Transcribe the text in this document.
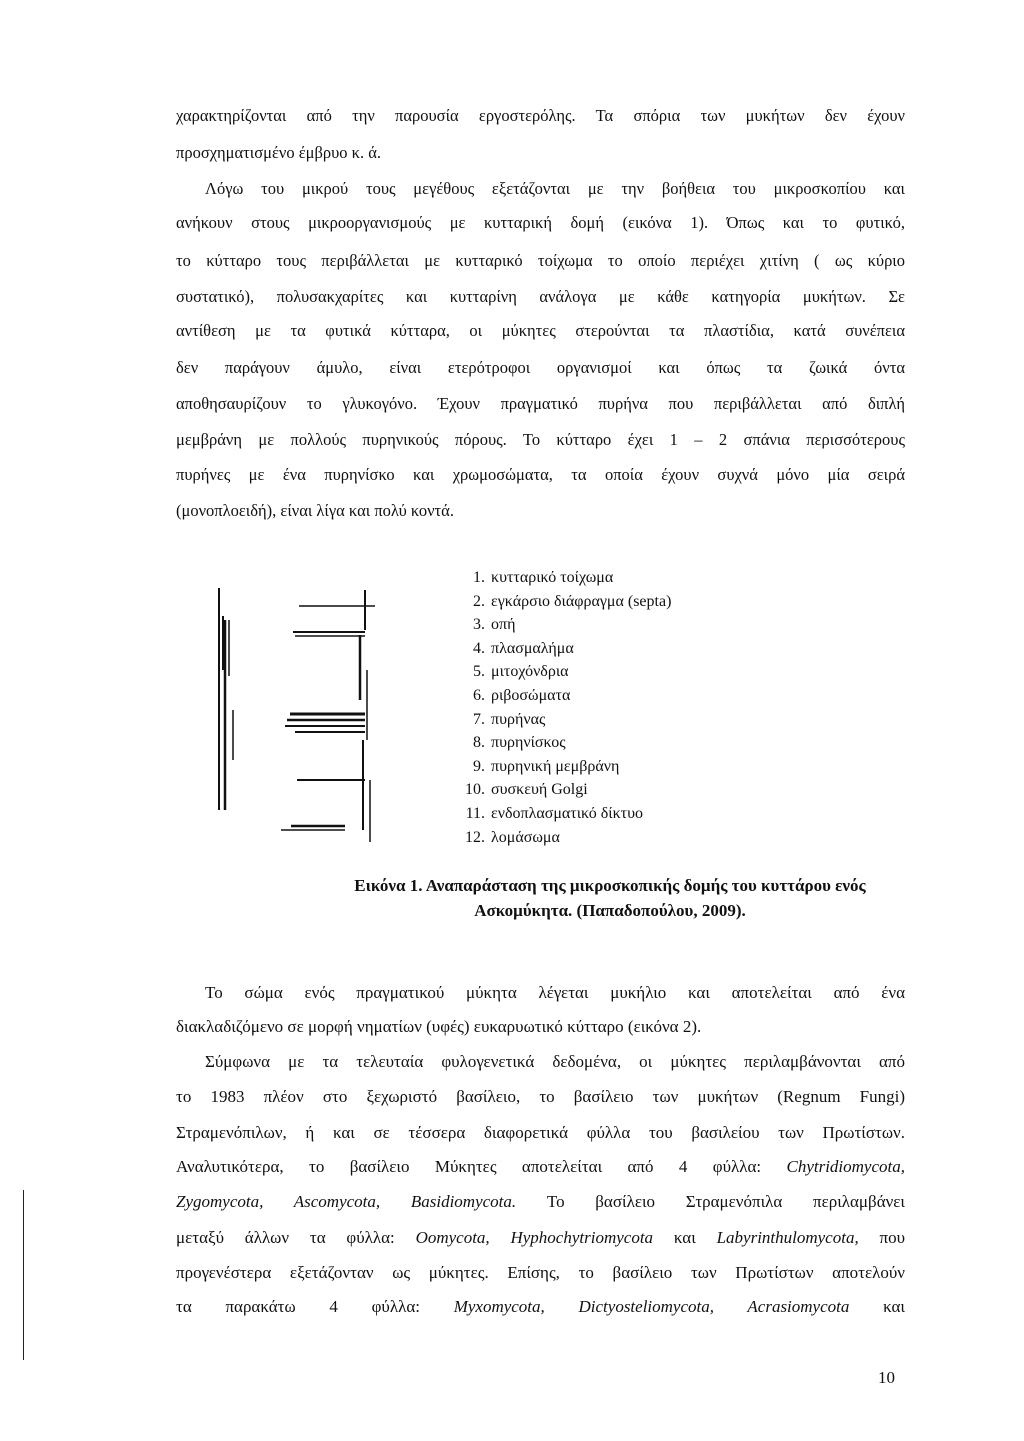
χαρακτηρίζονται από την παρουσία εργοστερόλης. Τα σπόρια των μυκήτων δεν έχουν
προσχηματισμένο έμβρυο κ. ά.
Λόγω του μικρού τους μεγέθους εξετάζονται με την βοήθεια του μικροσκοπίου και
ανήκουν στους μικροοργανισμούς με κυτταρική δομή (εικόνα 1). Όπως και το φυτικό,
το κύτταρο τους περιβάλλεται με κυτταρικό τοίχωμα το οποίο περιέχει χιτίνη ( ως κύριο
συστατικό), πολυσακχαρίτες και κυτταρίνη ανάλογα με κάθε κατηγορία μυκήτων. Σε
αντίθεση με τα φυτικά κύτταρα, οι μύκητες στερούνται τα πλαστίδια, κατά συνέπεια
δεν παράγουν άμυλο, είναι ετερότροφοι οργανισμοί και όπως τα ζωικά όντα
αποθησαυρίζουν το γλυκογόνο. Έχουν πραγματικό πυρήνα που περιβάλλεται από διπλή
μεμβράνη με πολλούς πυρηνικούς πόρους. Το κύτταρο έχει 1 – 2 σπάνια περισσότερους
πυρήνες με ένα πυρηνίσκο και χρωμοσώματα, τα οποία έχουν συχνά μόνο μία σειρά
(μονοπλοειδή), είναι λίγα και πολύ κοντά.
1. κυτταρικό τοίχωμα
2. εγκάρσιο διάφραγμα (septa)
3. οπή
4. πλασμαλήμα
5. μιτοχόνδρια
6. ριβοσώματα
7. πυρήνας
8. πυρηνίσκος
9. πυρηνική μεμβράνη
10. συσκευή Golgi
11. ενδοπλασματικό δίκτυο
12. λομάσωμα
Εικόνα 1. Αναπαράσταση της μικροσκοπικής δομής του κυττάρου ενός
Ασκομύκητα. (Παπαδοπούλου, 2009).
Το σώμα ενός πραγματικού μύκητα λέγεται μυκήλιο και αποτελείται από ένα
διακλαδιζόμενο σε μορφή νηματίων (υφές) ευκαρυωτικό κύτταρο (εικόνα 2).
Σύμφωνα με τα τελευταία φυλογενετικά δεδομένα, οι μύκητες περιλαμβάνονται από
το 1983 πλέον στο ξεχωριστό βασίλειο, το βασίλειο των μυκήτων (Regnum Fungi)
Στραμενόπιλων, ή και σε τέσσερα διαφορετικά φύλλα του βασιλείου των Πρωτίστων.
Αναλυτικότερα, το βασίλειο Μύκητες αποτελείται από 4 φύλλα: Chytridiomycota,
Zygomycota, Ascomycota, Basidiomycota. Το βασίλειο Στραμενόπιλα περιλαμβάνει
μεταξύ άλλων τα φύλλα: Oomycota, Hyphochytriomycota και Labyrinthulomycota, που
προγενέστερα εξετάζονταν ως μύκητες. Επίσης, το βασίλειο των Πρωτίστων αποτελούν
τα παρακάτω 4 φύλλα: Myxomycota, Dictyosteliomycota, Acrasiomycota και
10
